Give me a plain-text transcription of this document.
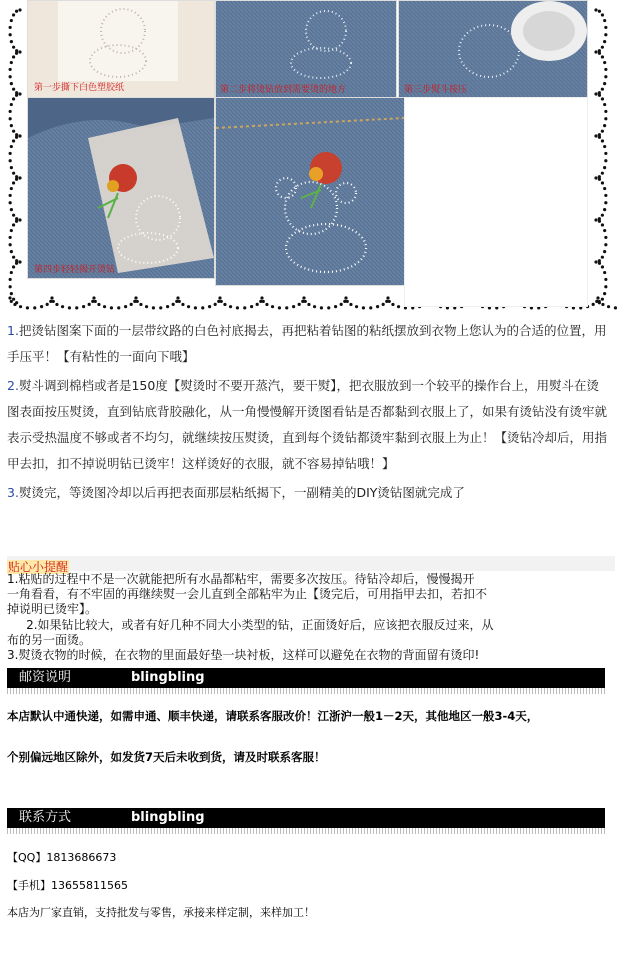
第一步撕下白色塑胶纸	第二步将烫钻放到需要烫的地方	第三步熨斗按压
第四步轻轻揭开烫钻

1.把烫钻图案下面的一层带纹路的白色衬底揭去，再把粘着钻图的粘纸摆放到衣物上您认为的合适的位置，用手压平！【有粘性的一面向下哦】

2.熨斗调到棉档或者是150度【熨烫时不要开蒸汽，要干熨】，把衣服放到一个较平的操作台上，用熨斗在烫图表面按压熨烫，直到钻底背胶融化，从一角慢慢解开烫图看钻是否都黏到衣服上了，如果有烫钻没有烫牢就表示受热温度不够或者不均匀，就继续按压熨烫，直到每个烫钻都烫牢黏到衣服上为止！【烫钻冷却后，用指甲去扣，扣不掉说明钻已烫牢！这样烫好的衣服，就不容易掉钻哦！】

3.熨烫完，等烫图冷却以后再把表面那层粘纸揭下，一副精美的DIY烫钻图就完成了

贴心小提醒
1.粘贴的过程中不是一次就能把所有水晶都粘牢，需要多次按压。待钻冷却后，慢慢揭开
一角看看，有不牢固的再继续熨一会儿直到全部粘牢为止【烫完后，可用指甲去扣，若扣不
掉说明已烫牢】。
2.如果钻比较大，或者有好几种不同大小类型的钻，正面烫好后，应该把衣服反过来，从
布的另一面烫。
3.熨烫衣物的时候，在衣物的里面最好垫一块衬板，这样可以避免在衣物的背面留有烫印!
邮资说明	blingbling
本店默认中通快递，如需申通、顺丰快递，请联系客服改价！江浙沪一般1－2天，其他地区一般3-4天，
个别偏远地区除外，如发货7天后未收到货，请及时联系客服！
联系方式	blingbling
【QQ】1813686673
【手机】13655811565
本店为厂家直销，支持批发与零售，承接来样定制，来样加工！
